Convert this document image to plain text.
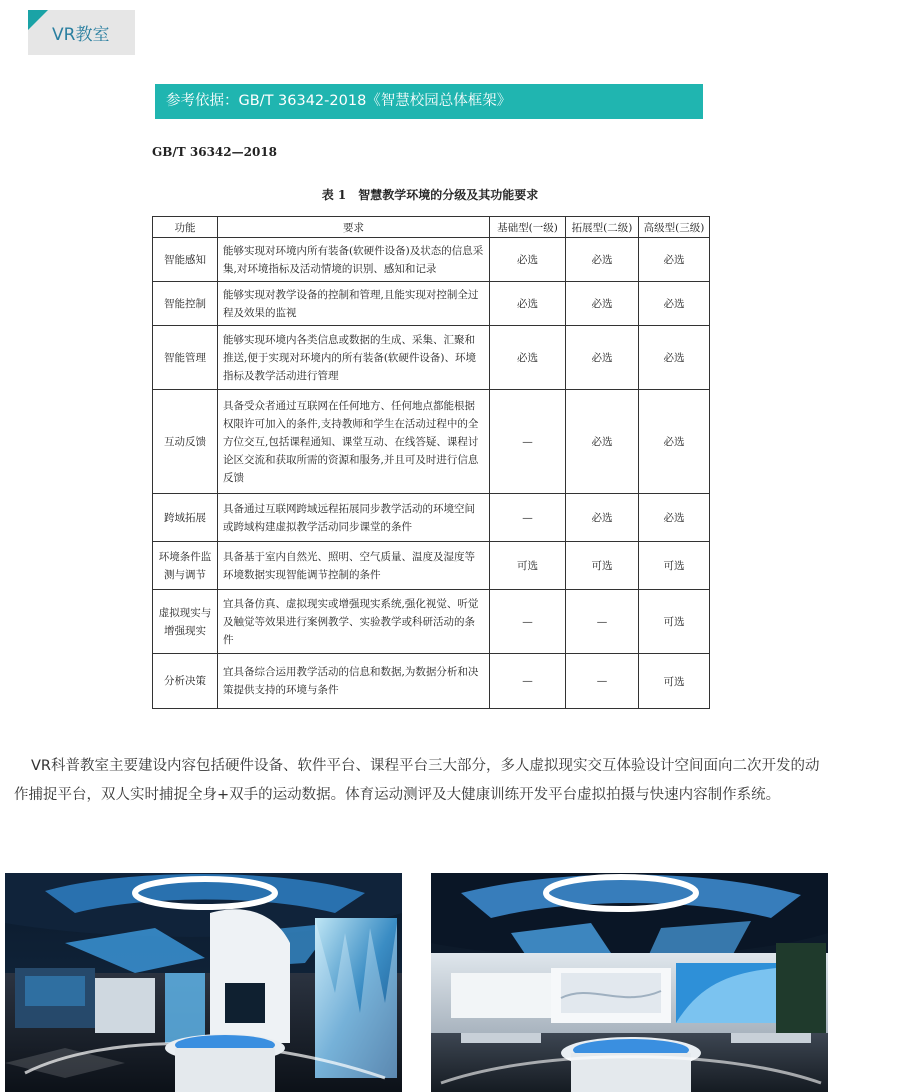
VR教室
参考依据：GB/T 36342-2018《智慧校园总体框架》
GB/T 36342—2018
表 1　智慧教学环境的分级及其功能要求
功能	要求	基础型(一级)	拓展型(二级)	高级型(三级)
智能感知	能够实现对环境内所有装备(软硬件设备)及状态的信息采集,对环境指标及活动情境的识别、感知和记录	必选	必选	必选
智能控制	能够实现对教学设备的控制和管理,且能实现对控制全过程及效果的监视	必选	必选	必选
智能管理	能够实现环境内各类信息或数据的生成、采集、汇聚和推送,便于实现对环境内的所有装备(软硬件设备)、环境指标及教学活动进行管理	必选	必选	必选
互动反馈	具备受众者通过互联网在任何地方、任何地点都能根据权限许可加入的条件,支持教师和学生在活动过程中的全方位交互,包括课程通知、课堂互动、在线答疑、课程讨论区交流和获取所需的资源和服务,并且可及时进行信息反馈	—	必选	必选
跨域拓展	具备通过互联网跨域远程拓展同步教学活动的环境空间或跨域构建虚拟教学活动同步课堂的条件	—	必选	必选
环境条件监测与调节	具备基于室内自然光、照明、空气质量、温度及湿度等环境数据实现智能调节控制的条件	可选	可选	可选
虚拟现实与增强现实	宜具备仿真、虚拟现实或增强现实系统,强化视觉、听觉及触觉等效果进行案例教学、实验教学或科研活动的条件	—	—	可选
分析决策	宜具备综合运用教学活动的信息和数据,为数据分析和决策提供支持的环境与条件	—	—	可选
VR科普教室主要建设内容包括硬件设备、软件平台、课程平台三大部分，多人虚拟现实交互体验设计空间面向二次开发的动作捕捉平台，双人实时捕捉全身+双手的运动数据。体育运动测评及大健康训练开发平台虚拟拍摄与快速内容制作系统。
